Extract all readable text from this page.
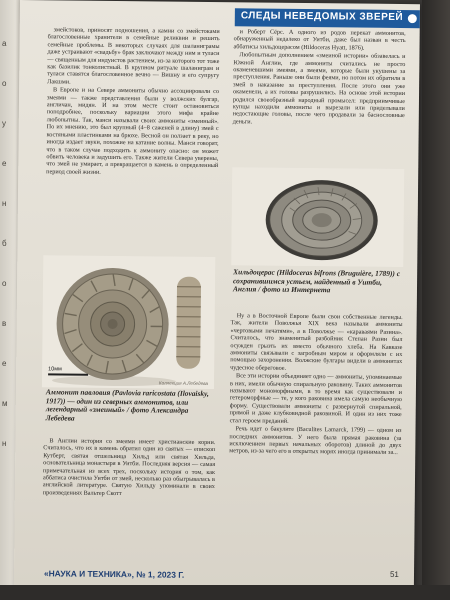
а
о
у
е
н
б
о
в
е
м
н
СЛЕДЫ НЕВЕДОМЫХ ЗВЕРЕЙ

змейстоков, приносят подношения, а камни со змейстоками благословенные хранители в семейные реликвии и решить семейные проблемы. В некоторых случаях для шаланиграмы даже устраивают «свадьбу» брак заключают между ним и туласи — священным для индуистов растением, из-за которого тот тоже как базилик тонколистный. В крупном ритуале шаланиграм и туласи ставятся благословенное вечно — Вишну и его супругу Лакшми.

В Европе и на Севере аммониты обычно ассоциировали со змеями — также представления были у волжских булгар, англичан, мидян. И на этом месте стоит остановиться поподробнее, поскольку вариации этого мифа крайне любопытны. Так, манси называли своих аммониты «змеиный». По их мнению, это был крупный (4–8 саженей в длину) змей с костяными пластинками на брюхе. Весной он ползает в реку, но иногда издает звуки, похожие на катание волны. Манси говорят, что в таком случае подходить к аммониту опасно: он может обвить человека и задушить его. Также жители Севера уверены, что змей не умирает, а превращается в камень в определенный период своей жизни.

10мм
Коллекция А.Лебедева
Аммонит павловия (Pavlovia raricostata (Ilovaisky, 1917)) — один из северных аммонитов, или легендарный «змеиный» / фото Александра Лебедева

В Англии история со змеями имеет христианские корни. Считалось, что их в камень обратил один из святых — епископ Кутберт, святая отшельница Хильд или святая Хильда, основательница монастыря в Уитби. Последняя версия — самая примечательная из всех трех, поскольку история о том, как аббатиса очистила Уитби от змей, несколько раз обыгрывалась в английской литературе. Святую Хильду упоминали в своих произведениях Вальтер Скотт

и Роберт Сёрс. А одного из родов перекат аммонитов, обнаруженный недалеко от Уитби, даже был назван в честь аббатисы хильдоцерасом (Hildoceras Hyatt, 1876).

Любопытным дополнением «змеиной истории» обзавелась и Южной Англии, где аммониты считались не просто окаменевшими змеями, а змеями, которые были укушены за преступления. Раньше они были феями, но потом их обратили в змей в наказание за преступления. После этого они уже окаменели, а их головы разрушились. На основе этой истории родился своеобразный народный промысел: предприимчивые купцы находили аммониты и вырезали или приделывали недостающие головы, после чего продавали за баснословные деньги.

Хильдоцерас (Hildoceras bifrons (Bruguière, 1789)) с сохранившимся устьем, найденный в Уитби, Англия / фото из Интернета

Ну а в Восточной Европе были свои собственные легенды. Так, жители Поволжья XIX века называли аммониты «чертовыми печатями», а в Поволжье — «караваями Разина». Считалось, что знаменитый разбойник Степан Разин был осужден грызть их вместо обычного хлеба. На Кавказе аммониты связывали с загробным миром и оформляли с их помощью захоронения. Волжские булгары видели в аммонитах чудесное обереговое.

Все эти истории объединяет одно — аммониты, упоминаемые в них, имели обычную спиральную раковину. Таких аммонитов называют мономорфными, в то время как существовали и гетероморфные — те, у кого раковина имела самую необычную форму. Существовали аммониты с развернутой спиральной, прямой и даже клубковидной раковиной. И один из них тоже стал героем преданий.

Речь идет о бакулите (Baculites Lamarck, 1799) — одном из последних аммонитов. У него была прямая раковина (за исключением первых начальных оборотов) длиной до двух метров, из-за чего его в открытых морях иногда принимали за...

«НАУКА И ТЕХНИКА», № 1, 2023 Г.	51
